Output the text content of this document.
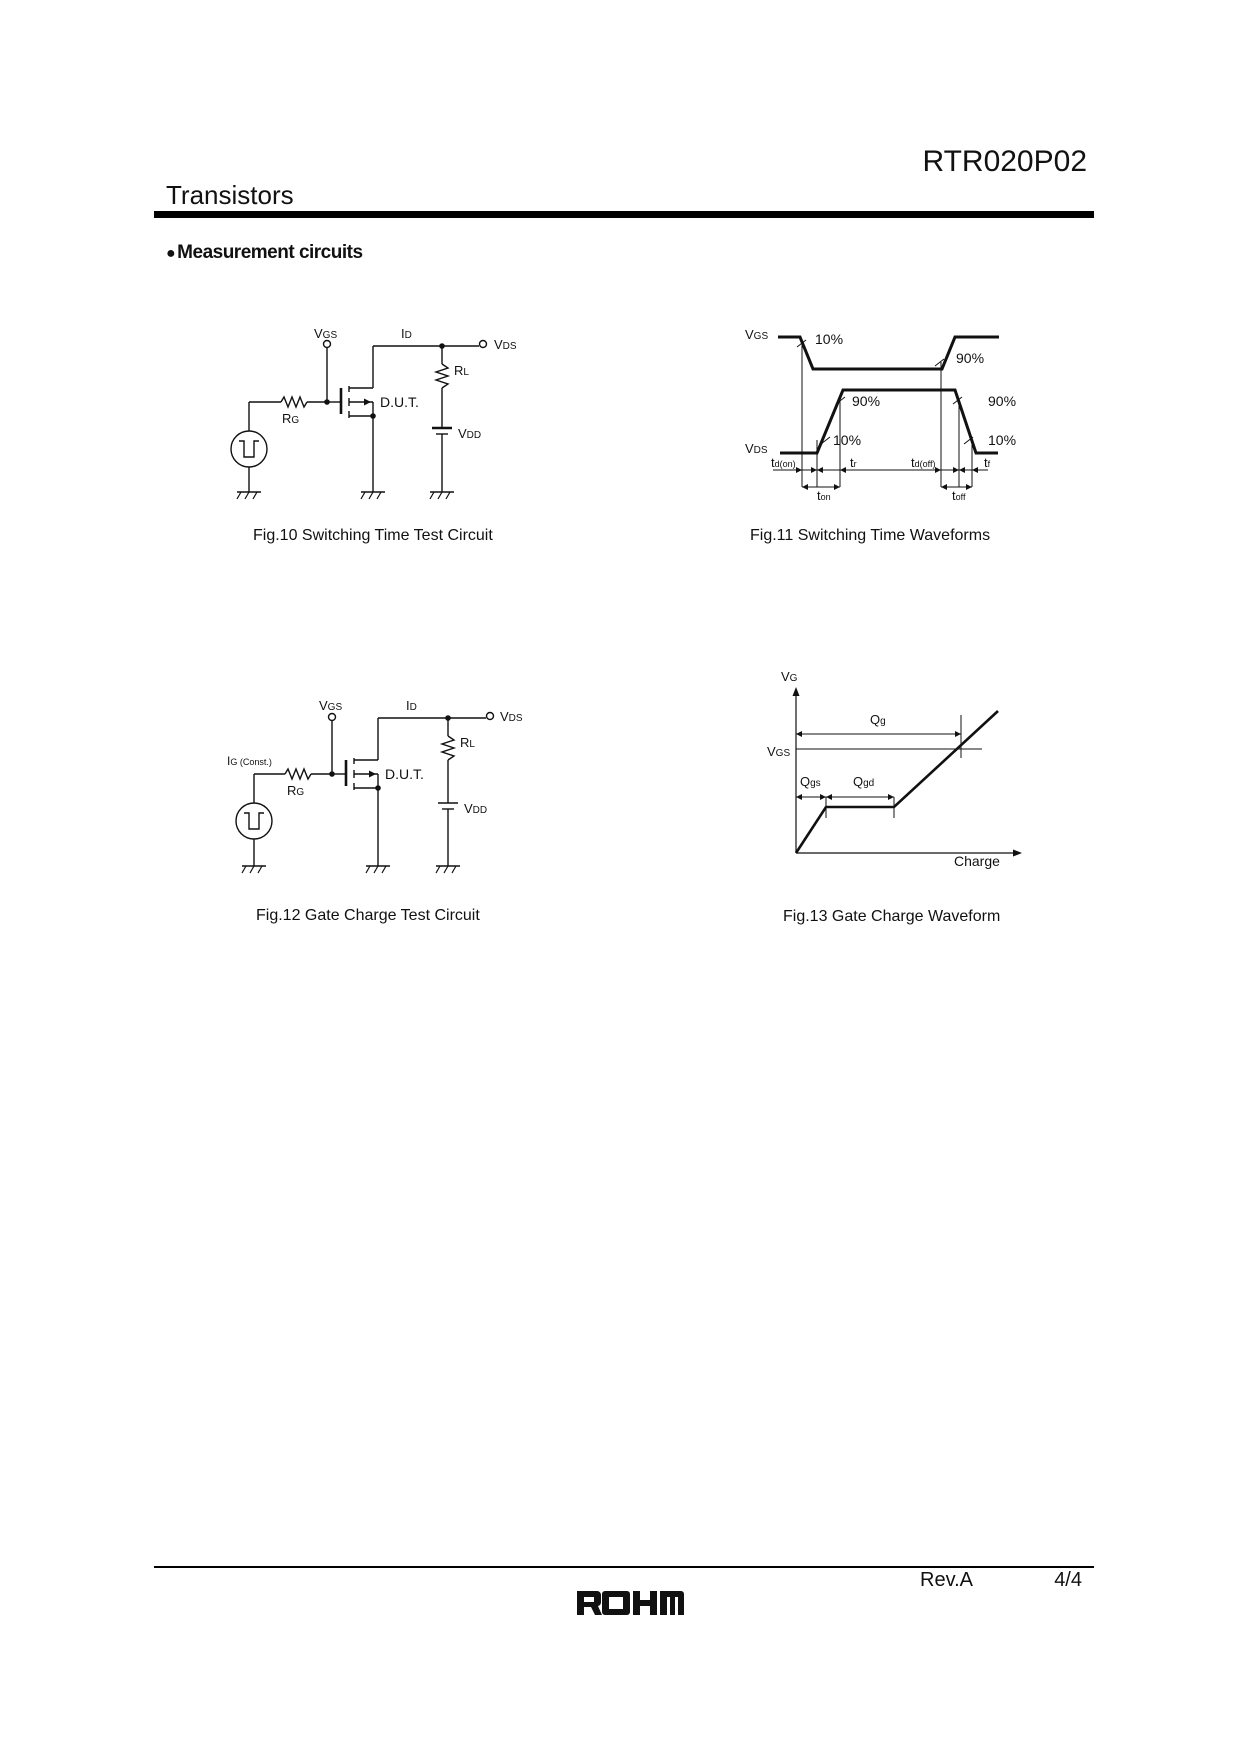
RTR020P02
Transistors
● Measurement circuits
VGS	ID
VDS
RL
RG
D.U.T.
VDD
Fig.10 Switching Time Test Circuit
VGS
VDS
10%
90%
90%	90%
10%	10%
td(on)	tr	td(off)	tf
ton	toff
Fig.11 Switching Time Waveforms
VGS	ID
VDS
RL
RG
IG (Const.)
D.U.T.
VDD
Fig.12 Gate Charge Test Circuit
VG
VGS
Qg
Qgs Qgd
Charge
Fig.13 Gate Charge Waveform
Rev.A	4/4
ROHM
